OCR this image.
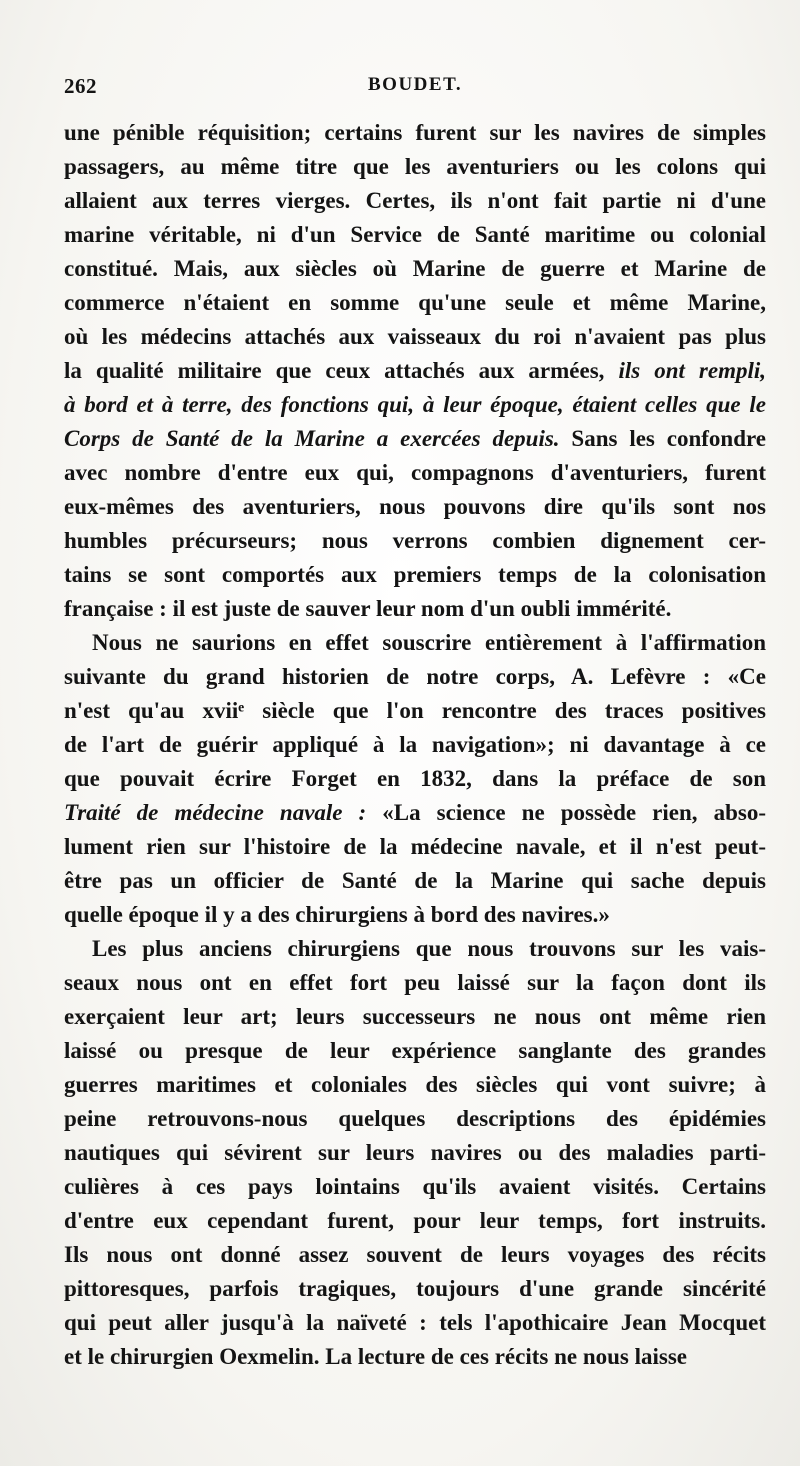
262	BOUDET.
une pénible réquisition; certains furent sur les navires de simples
passagers, au même titre que les aventuriers ou les colons qui
allaient aux terres vierges. Certes, ils n'ont fait partie ni d'une
marine véritable, ni d'un Service de Santé maritime ou colonial
constitué. Mais, aux siècles où Marine de guerre et Marine de
commerce n'étaient en somme qu'une seule et même Marine,
où les médecins attachés aux vaisseaux du roi n'avaient pas plus
la qualité militaire que ceux attachés aux armées, ils ont rempli,
à bord et à terre, des fonctions qui, à leur époque, étaient celles que le
Corps de Santé de la Marine a exercées depuis. Sans les confondre
avec nombre d'entre eux qui, compagnons d'aventuriers, furent
eux-mêmes des aventuriers, nous pouvons dire qu'ils sont nos
humbles précurseurs; nous verrons combien dignement cer-
tains se sont comportés aux premiers temps de la colonisation
française : il est juste de sauver leur nom d'un oubli immérité.
Nous ne saurions en effet souscrire entièrement à l'affirmation
suivante du grand historien de notre corps, A. Lefèvre : «Ce
n'est qu'au xviiᵉ siècle que l'on rencontre des traces positives
de l'art de guérir appliqué à la navigation»; ni davantage à ce
que pouvait écrire Forget en 1832, dans la préface de son
Traité de médecine navale : «La science ne possède rien, abso-
lument rien sur l'histoire de la médecine navale, et il n'est peut-
être pas un officier de Santé de la Marine qui sache depuis
quelle époque il y a des chirurgiens à bord des navires.»
Les plus anciens chirurgiens que nous trouvons sur les vais-
seaux nous ont en effet fort peu laissé sur la façon dont ils
exerçaient leur art; leurs successeurs ne nous ont même rien
laissé ou presque de leur expérience sanglante des grandes
guerres maritimes et coloniales des siècles qui vont suivre; à
peine retrouvons-nous quelques descriptions des épidémies
nautiques qui sévirent sur leurs navires ou des maladies parti-
culières à ces pays lointains qu'ils avaient visités. Certains
d'entre eux cependant furent, pour leur temps, fort instruits.
Ils nous ont donné assez souvent de leurs voyages des récits
pittoresques, parfois tragiques, toujours d'une grande sincérité
qui peut aller jusqu'à la naïveté : tels l'apothicaire Jean Mocquet
et le chirurgien Oexmelin. La lecture de ces récits ne nous laisse
